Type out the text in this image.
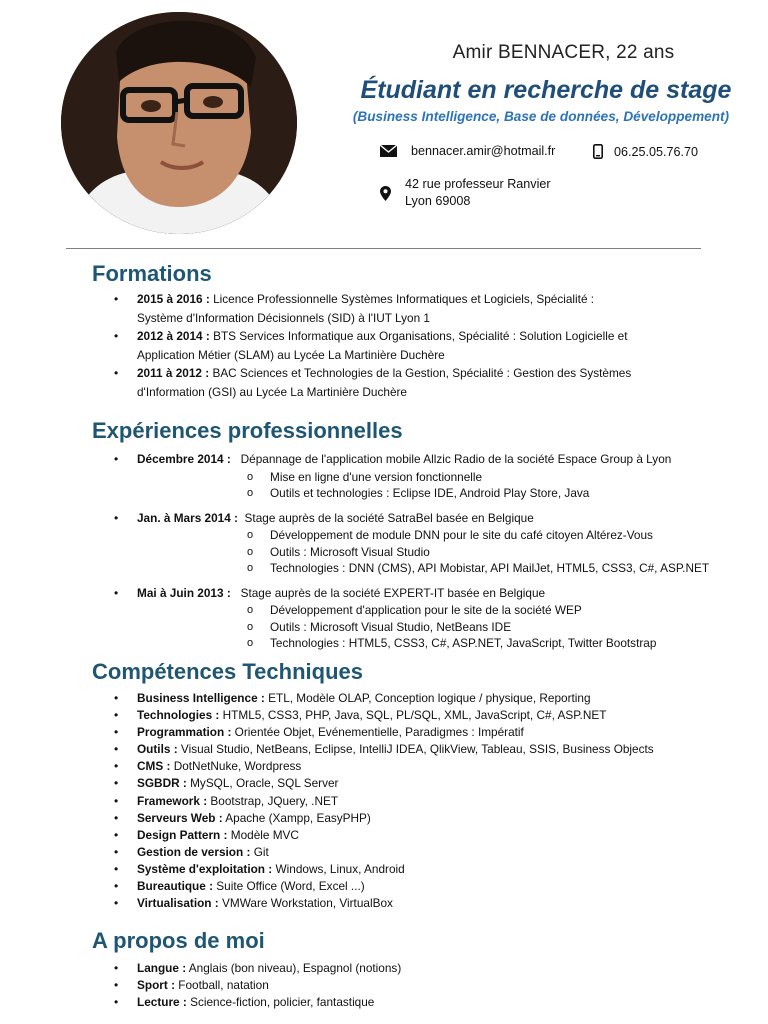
Amir BENNACER, 22 ans
Étudiant en recherche de stage
(Business Intelligence, Base de données, Développement)
bennacer.amir@hotmail.fr	06.25.05.76.70
42 rue professeur Ranvier
Lyon 69008
Formations
• 2015 à 2016 : Licence Professionnelle Systèmes Informatiques et Logiciels, Spécialité :
Système d'Information Décisionnels (SID) à l'IUT Lyon 1
• 2012 à 2014 : BTS Services Informatique aux Organisations, Spécialité : Solution Logicielle et
Application Métier (SLAM) au Lycée La Martinière Duchère
• 2011 à 2012 : BAC Sciences et Technologies de la Gestion, Spécialité : Gestion des Systèmes
d'Information (GSI) au Lycée La Martinière Duchère
Expériences professionnelles
• Décembre 2014 :   Dépannage de l'application mobile Allzic Radio de la société Espace Group à Lyon
o Mise en ligne d'une version fonctionnelle
o Outils et technologies : Eclipse IDE, Android Play Store, Java
• Jan. à Mars 2014 :  Stage auprès de la société SatraBel basée en Belgique
o Développement de module DNN pour le site du café citoyen Altérez-Vous
o Outils : Microsoft Visual Studio
o Technologies : DNN (CMS), API Mobistar, API MailJet, HTML5, CSS3, C#, ASP.NET
• Mai à Juin 2013 :   Stage auprès de la société EXPERT-IT basée en Belgique
o Développement d'application pour le site de la société WEP
o Outils : Microsoft Visual Studio, NetBeans IDE
o Technologies : HTML5, CSS3, C#, ASP.NET, JavaScript, Twitter Bootstrap
Compétences Techniques
• Business Intelligence : ETL, Modèle OLAP, Conception logique / physique, Reporting
• Technologies : HTML5, CSS3, PHP, Java, SQL, PL/SQL, XML, JavaScript, C#, ASP.NET
• Programmation : Orientée Objet, Evénementielle, Paradigmes : Impératif
• Outils : Visual Studio, NetBeans, Eclipse, IntelliJ IDEA, QlikView, Tableau, SSIS, Business Objects
• CMS : DotNetNuke, Wordpress
• SGBDR : MySQL, Oracle, SQL Server
• Framework : Bootstrap, JQuery, .NET
• Serveurs Web : Apache (Xampp, EasyPHP)
• Design Pattern : Modèle MVC
• Gestion de version : Git
• Système d'exploitation : Windows, Linux, Android
• Bureautique : Suite Office (Word, Excel ...)
• Virtualisation : VMWare Workstation, VirtualBox
A propos de moi
• Langue : Anglais (bon niveau), Espagnol (notions)
• Sport : Football, natation
• Lecture : Science-fiction, policier, fantastique
